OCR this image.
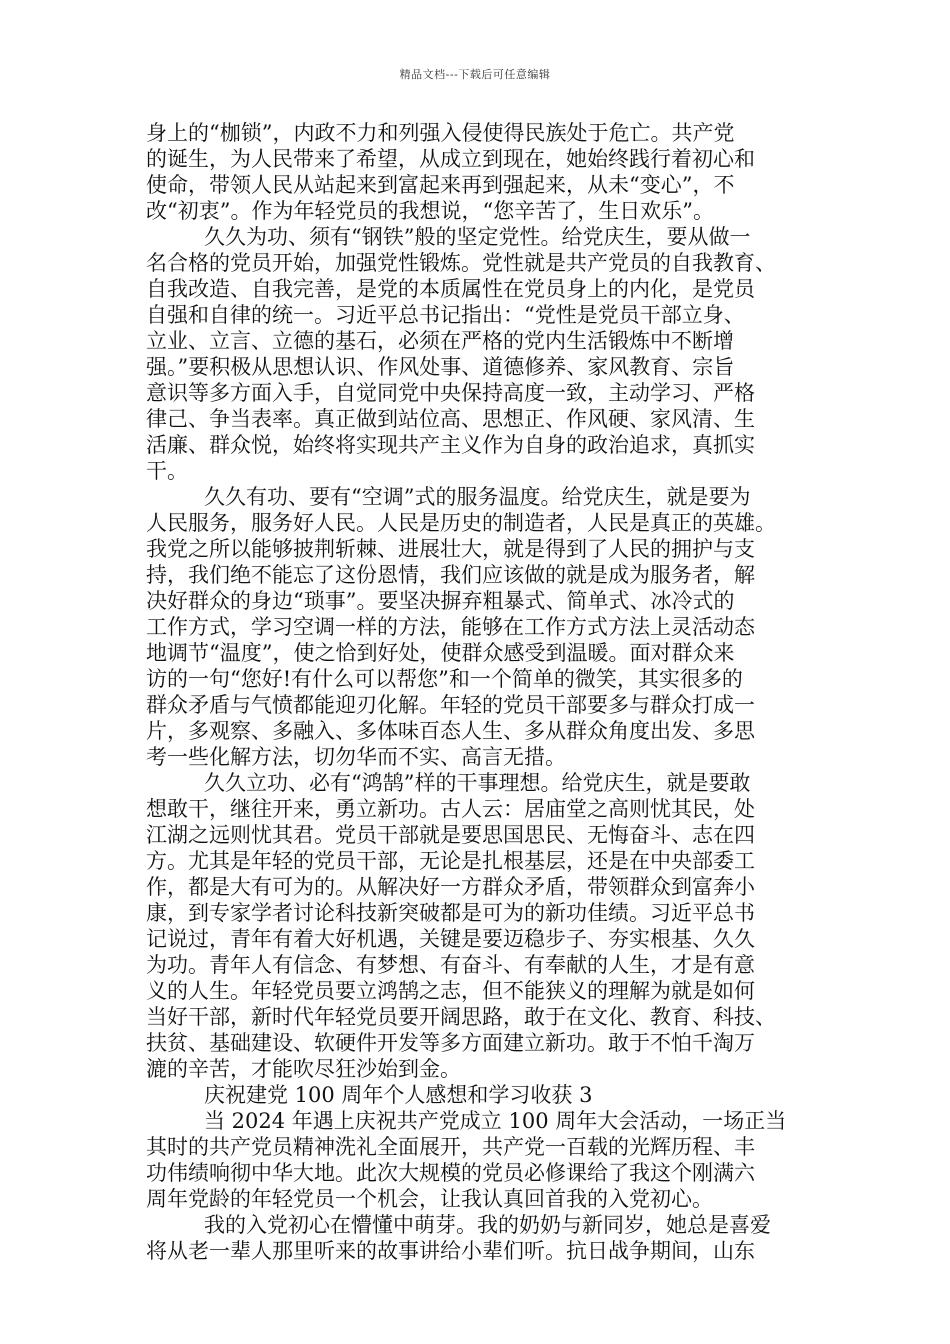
精品文档---下载后可任意编辑
身上的“枷锁”，内政不力和列强入侵使得民族处于危亡。共产党
的诞生，为人民带来了希望，从成立到现在，她始终践行着初心和
使命，带领人民从站起来到富起来再到强起来，从未“变心”，不
改“初衷”。作为年轻党员的我想说，“您辛苦了，生日欢乐”。
久久为功、须有“钢铁”般的坚定党性。给党庆生，要从做一
名合格的党员开始，加强党性锻炼。党性就是共产党员的自我教育、
自我改造、自我完善，是党的本质属性在党员身上的内化，是党员
自强和自律的统一。习近平总书记指出：“党性是党员干部立身、
立业、立言、立德的基石，必须在严格的党内生活锻炼中不断增
强。”要积极从思想认识、作风处事、道德修养、家风教育、宗旨
意识等多方面入手，自觉同党中央保持高度一致，主动学习、严格
律己、争当表率。真正做到站位高、思想正、作风硬、家风清、生
活廉、群众悦，始终将实现共产主义作为自身的政治追求，真抓实
干。
久久有功、要有“空调”式的服务温度。给党庆生，就是要为
人民服务，服务好人民。人民是历史的制造者，人民是真正的英雄。
我党之所以能够披荆斩棘、进展壮大，就是得到了人民的拥护与支
持，我们绝不能忘了这份恩情，我们应该做的就是成为服务者，解
决好群众的身边“琐事”。要坚决摒弃粗暴式、简单式、冰冷式的
工作方式，学习空调一样的方法，能够在工作方式方法上灵活动态
地调节“温度”，使之恰到好处，使群众感受到温暖。面对群众来
访的一句“您好!有什么可以帮您”和一个简单的微笑，其实很多的
群众矛盾与气愤都能迎刃化解。年轻的党员干部要多与群众打成一
片，多观察、多融入、多体味百态人生、多从群众角度出发、多思
考一些化解方法，切勿华而不实、高言无措。
久久立功、必有“鸿鹄”样的干事理想。给党庆生，就是要敢
想敢干，继往开来，勇立新功。古人云：居庙堂之高则忧其民，处
江湖之远则忧其君。党员干部就是要思国思民、无悔奋斗、志在四
方。尤其是年轻的党员干部，无论是扎根基层，还是在中央部委工
作，都是大有可为的。从解决好一方群众矛盾，带领群众到富奔小
康，到专家学者讨论科技新突破都是可为的新功佳绩。习近平总书
记说过，青年有着大好机遇，关键是要迈稳步子、夯实根基、久久
为功。青年人有信念、有梦想、有奋斗、有奉献的人生，才是有意
义的人生。年轻党员要立鸿鹄之志，但不能狭义的理解为就是如何
当好干部，新时代年轻党员要开阔思路，敢于在文化、教育、科技、
扶贫、基础建设、软硬件开发等多方面建立新功。敢于不怕千淘万
漉的辛苦，才能吹尽狂沙始到金。
庆祝建党 100 周年个人感想和学习收获 3
当 2024 年遇上庆祝共产党成立 100 周年大会活动，一场正当
其时的共产党员精神洗礼全面展开，共产党一百载的光辉历程、丰
功伟绩响彻中华大地。此次大规模的党员必修课给了我这个刚满六
周年党龄的年轻党员一个机会，让我认真回首我的入党初心。
我的入党初心在懵懂中萌芽。我的奶奶与新同岁，她总是喜爱
将从老一辈人那里听来的故事讲给小辈们听。抗日战争期间，山东
